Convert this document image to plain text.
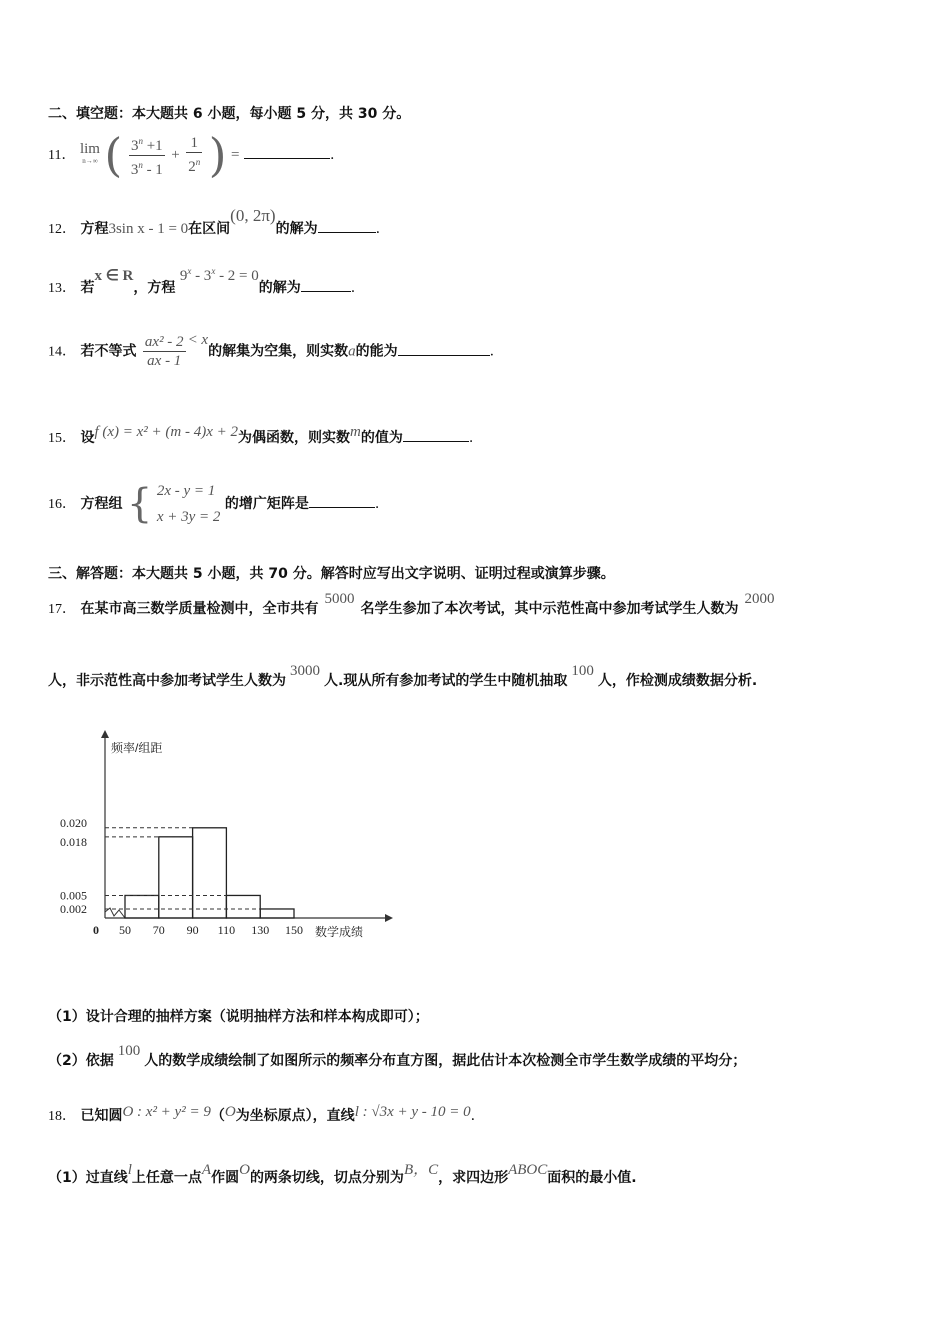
二、填空题：本大题共 6 小题，每小题 5 分，共 30 分。
11． lim
n→∞ ( $\frac{3^n +1}{3^n - 1} + \frac{1}{2^n}$ ) =	.
12． 方程3sin x - 1 = 0在区间(0, 2π)的解为	.
13． 若x ∈ R，方程 9$^x$ - 3$^x$ - 2 = 0的解为	.
14． 若不等式 $\frac{\text{ax² - 2}}{ax - 1} < x$的解集为空集，则实数a的能为	.
15． 设f (x) = x² + (m - 4)x + 2为偶函数，则实数m的值为	.
16． 方程组 { 2x - y = 1
x + 3y = 2
的增广矩阵是	.
三、解答题：本大题共 5 小题，共 70 分。解答时应写出文字说明、证明过程或演算步骤。
17． 在某市高三数学质量检测中，全市共有5000名学生参加了本次考试，其中示范性高中参加考试学生人数为2000
人，非示范性高中参加考试学生人数为3000人.现从所有参加考试的学生中随机抽取100人，作检测成绩数据分析.
频率/组距
数学成绩
0
0.020
0.018
0.005
0.002
50 70 90 110 130 150
（1）设计合理的抽样方案（说明抽样方法和样本构成即可）；
（2）依据100人的数学成绩绘制了如图所示的频率分布直方图，据此估计本次检测全市学生数学成绩的平均分；
18． 已知圆O : x² + y² = 9（O为坐标原点），直线l : √3x + y - 10 = 0.
（1）过直线l上任意一点A作圆O的两条切线，切点分别为B，C，求四边形ABOC面积的最小值.
